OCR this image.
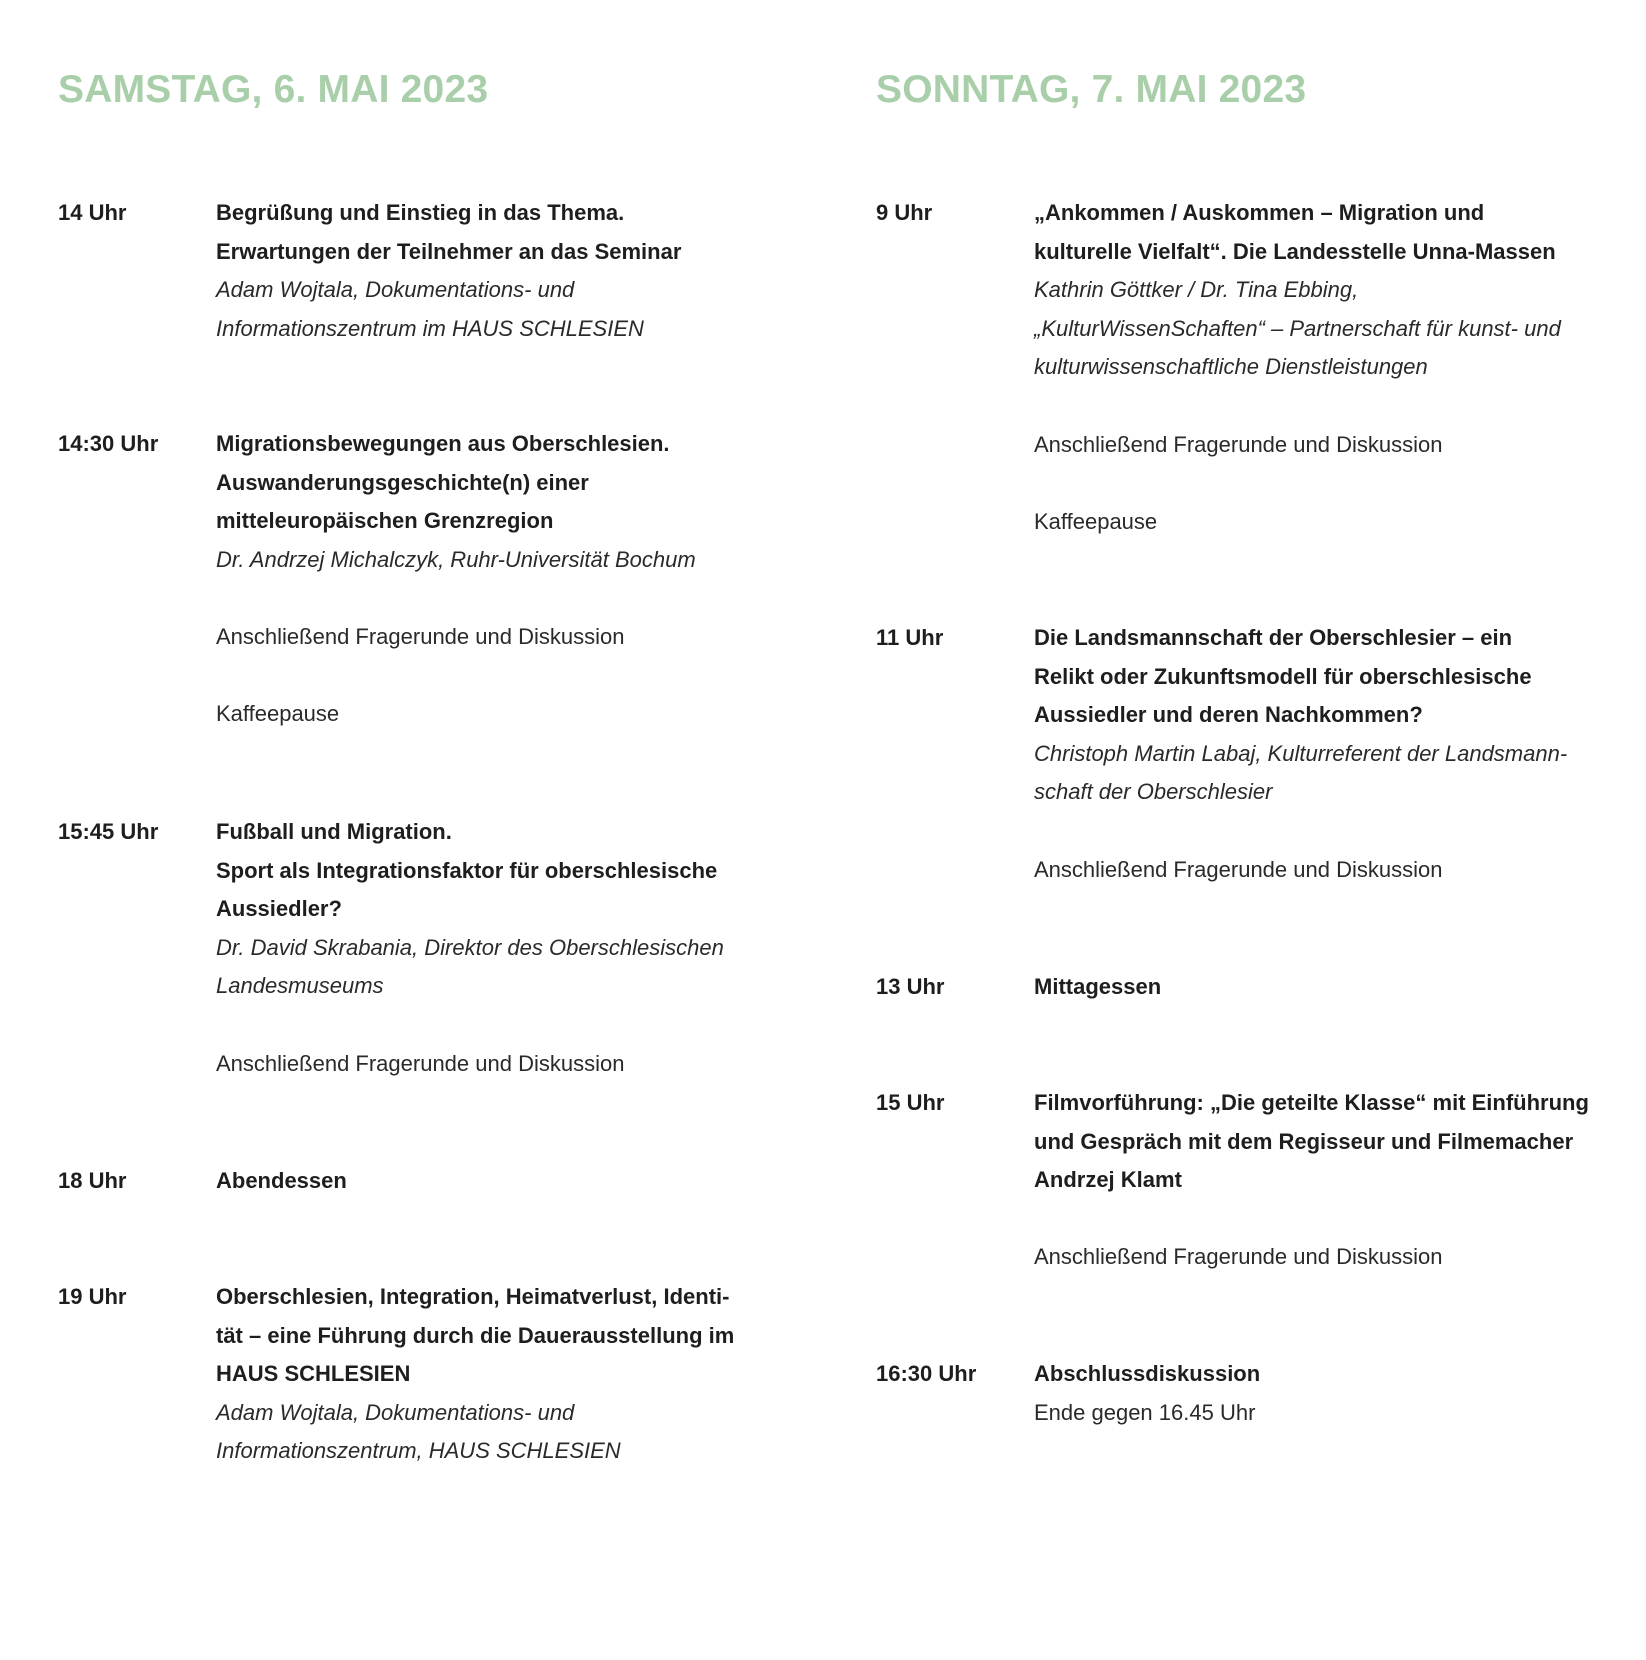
SAMSTAG, 6. MAI 2023
14 Uhr	Begrüßung und Einstieg in das Thema.
Erwartungen der Teilnehmer an das Seminar
Adam Wojtala, Dokumentations- und
Informationszentrum im HAUS SCHLESIEN
14:30 Uhr	Migrationsbewegungen aus Oberschlesien.
Auswanderungsgeschichte(n) einer
mitteleuropäischen Grenzregion
Dr. Andrzej Michalczyk, Ruhr-Universität Bochum
Anschließend Fragerunde und Diskussion
Kaffeepause
15:45 Uhr	Fußball und Migration.
Sport als Integrationsfaktor für oberschlesische
Aussiedler?
Dr. David Skrabania, Direktor des Oberschlesischen
Landesmuseums
Anschließend Fragerunde und Diskussion
18 Uhr	Abendessen
19 Uhr	Oberschlesien, Integration, Heimatverlust, Identi-
tät – eine Führung durch die Dauerausstellung im
HAUS SCHLESIEN
Adam Wojtala, Dokumentations- und
Informationszentrum, HAUS SCHLESIEN
SONNTAG, 7. MAI 2023
9 Uhr	„Ankommen / Auskommen – Migration und
kulturelle Vielfalt“. Die Landesstelle Unna-Massen
Kathrin Göttker / Dr. Tina Ebbing,
„KulturWissenSchaften“ – Partnerschaft für kunst- und
kulturwissenschaftliche Dienstleistungen
Anschließend Fragerunde und Diskussion
Kaffeepause
11 Uhr	Die Landsmannschaft der Oberschlesier – ein
Relikt oder Zukunftsmodell für oberschlesische
Aussiedler und deren Nachkommen?
Christoph Martin Labaj, Kulturreferent der Landsmann-
schaft der Oberschlesier
Anschließend Fragerunde und Diskussion
13 Uhr	Mittagessen
15 Uhr	Filmvorführung: „Die geteilte Klasse“ mit Einführung
und Gespräch mit dem Regisseur und Filmemacher
Andrzej Klamt
Anschließend Fragerunde und Diskussion
16:30 Uhr	Abschlussdiskussion
Ende gegen 16.45 Uhr
